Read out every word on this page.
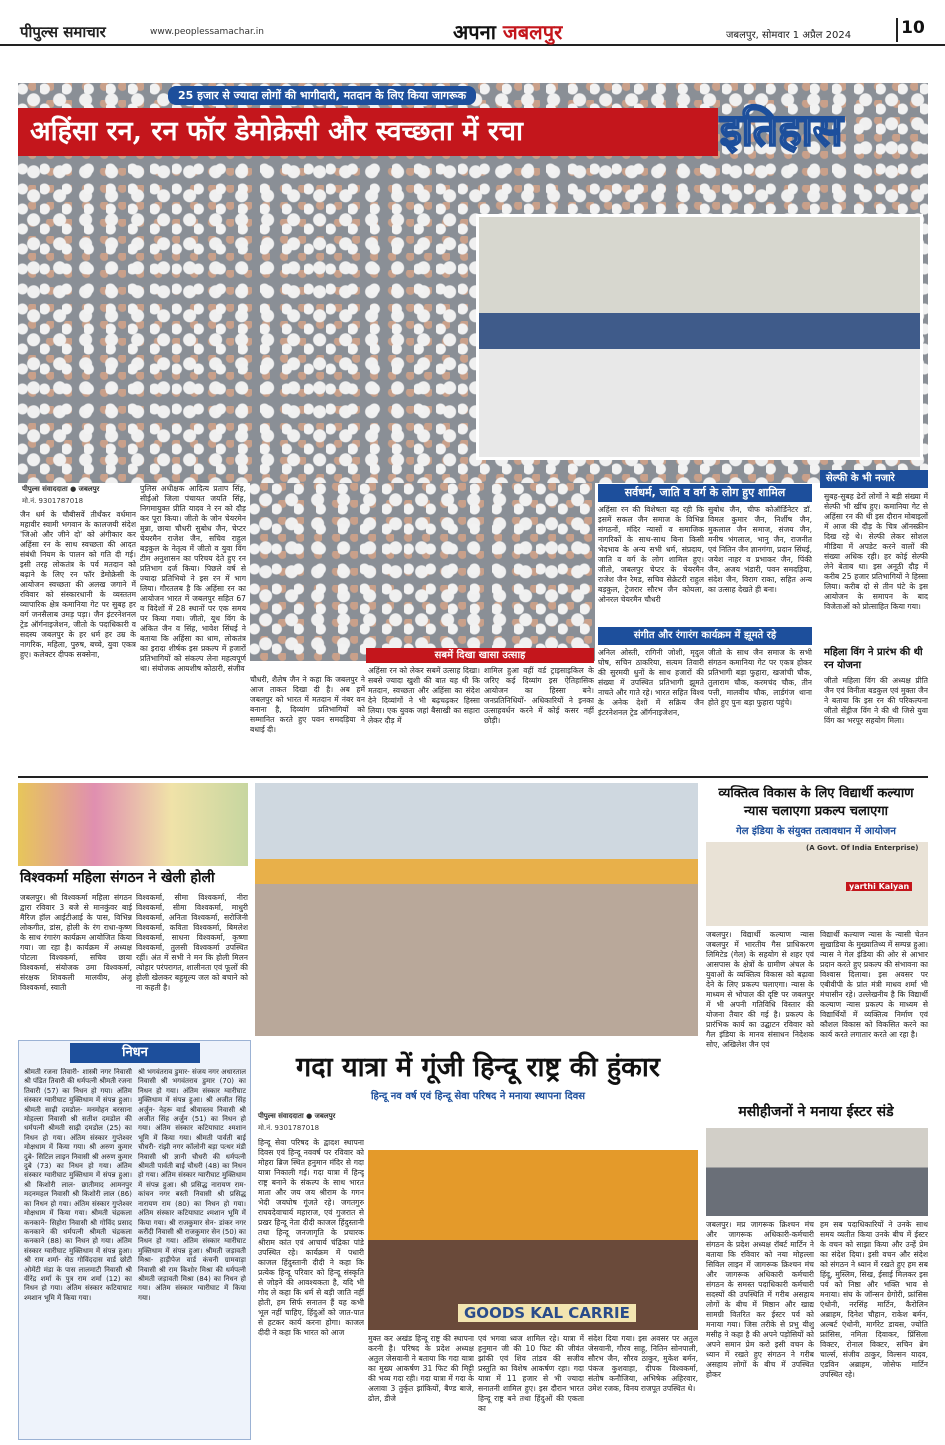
पीपुल्स समाचार	www.peoplessamachar.in	अपना जबलपुर	जबलपुर, सोमवार 1 अप्रैल 2024	10
25 हजार से ज्यादा लोगों की भागीदारी, मतदान के लिए किया जागरूक
अहिंसा रन, रन फॉर डेमोक्रेसी और स्वच्छता में रचा	इतिहास
पीपुल्स संवाददाता ● जबलपुर
मो.नं. 9301787018
जैन धर्म के चौबीसवें तीर्थंकर वर्धमान महावीर स्वामी भगवान के कालजयी संदेश 'जिओ और जीने दो' को अंगीकार कर अहिंसा रन के साथ स्वच्छता की आदत संबंधी नियम के पालन को गति दी गई। इसी तरह लोकतंत्र के पर्व मतदान को बढ़ाने के लिए रन फॉर डेमोक्रेसी के आयोजन स्वच्छता की अलख जगाने में रविवार को संस्कारधानी के व्यस्ततम व्यापारिक क्षेत्र कमानिया गेट पर सुबह हर वर्ग जनसैलाब उमड़ पड़ा। जैन इंटरनेशनल ट्रेड ऑर्गनाइजेशन, जीतो के पदाधिकारी व सदस्य जबलपुर के हर धर्म हर उम्र के नागरिक, महिला, पुरुष, बच्चे, युवा एकत्र हुए। कलेक्टर दीपक सक्सेना,
पुलिस अधीक्षक आदित्य प्रताप सिंह, सीईओ जिला पंचायत जयति सिंह, निगमायुक्त प्रीति यादव ने रन को दौड़ कर पूरा किया। जीतो के जोन चेयरमेन मुन्ना, छाया चौधरी सुबोध जैन, चेप्टर चेयरमैन राजेश जैन, सचिव राहुल बड़कुल के नेतृत्व में जीतो व युवा विंग टीम अनुशासन का परिचय देते हुए रन प्रतिभाग दर्ज किया। पिछले वर्ष से ज्यादा प्रतिभियो ने इस रन में भाग लिया। गौरतलब है कि अहिंसा रन का आयोजन भारत में जबलपुर सहित 67 व विदेशों में 28 स्थानों पर एक समय पर किया गया। जीतो, यूथ विंग के अंकित जैन व सिंह, भावेश सिंघई ने बताया कि अहिंसा का धाम, लोकतंत्र का इरादा शीर्षक इस प्रकल्प में हजारों प्रतिभागियों को संकल्प लेना महत्वपूर्ण था। संयोजक आयशीष कोठारी, संजीव
चौधरी, शैलेष जैन ने कहा कि जबलपुर ने आज ताकत दिखा दी है। अब हमें जबलपुर को भारत में मतदान में नंबर वन बनाना है, दिव्यांग प्रतिभागियों को सम्मानित करते हुए पवन समदड़िया ने बधाई दी।
सबमें दिखा खासा उत्साह
अहिंसा रन को लेकर सबमें उत्साह दिखा। सबसे ज्यादा खुशी की बात यह थी कि मतदान, स्वच्छता और अहिंसा का संदेश देने दिव्यांगों ने भी बढ़चढ़कर हिस्सा लिया। एक युवक जहां बैसाखी का सहारा लेकर दौड़ में
शामिल हुआ वहीं वर्ड ट्राइसाइकिल के जरिए कई दिव्यांग इस ऐतिहासिक आयोजन का हिस्सा बने। जनप्रतिनिधियों- अधिकारियों ने इनका उत्साहवर्धन करने में कोई कसर नहीं छोड़ी।
सर्वधर्म, जाति व वर्ग के लोग हुए शामिल
अहिंसा रन की विशेषता यह रही कि इसमें सकल जैन समाज के विभिन्न संगठनों, मंदिर न्यासों व समाजिक नागरिकों के साथ-साथ बिना किसी भेदभाव के अन्य सभी धर्म, संप्रदाय, जाति व वर्ग के लोग शामिल हुए। जीतो, जबलपुर चेप्टर के चेयरमैन राजेश जैन रेमड, सचिव सेक्रेटरी राहुल बड़कुल, ट्रेजरार सौरभ जैन कोयला, ओनरल चेयरमैन चौधरी
सुबोध जैन, चीफ कोऑर्डिनेटर डॉ. विमल कुमार जैन, निर्शीष जैन, मुकलाल जैन समाज, संजय जैन, मनीष भंगलाल, भानु जैन, राजनीत एवं नितिन जैन ज्ञानगंगा, प्रदान सिंघई, जयेश नाहर व प्रभाकर जैन, पिंकी जैन, अजय भंडारी, पवन समदड़िया, संदेश जैन, विराग राका, सहित अन्य का उत्साह देखते ही बना।
संगीत और रंगारंग कार्यक्रम में झूमते रहे
अनिल ओस्ती, रागिनी जोशी, मृदुल घोष, सचिन ठाकरिया, सत्यम तिवारी की सुरमयी धुनों के साथ हजारों की संख्या में उपस्थित प्रतिभागी झूमते नाचते और गाते रहे। भारत सहित विश्व के अनेक देशों में सक्रिय जैन इंटरनेशनल ट्रेड ऑर्गनाइजेशन,
जीतो के साथ जैन समाज के सभी संगठन कमानिया गेट पर एकत्र होकर प्रतिभागी बड़ा फुहारा, खजांची चौक, तुलाराम चौक, करमचंद चौक, तीन पत्ती, मालवीय चौक, लार्डगंज थाना होते हुए पुनः बड़ा फुहारा पहुंचे।
सेल्फी के भी नजारे
सुबह-सुबह ढेरों लोगों ने बड़ी संख्या में सेल्फी भी खींच हुए। कमानिया गेट से अहिंसा रन की थी इस दौरान मोबाइलों में आज की दौड़ के चित्र ऑनस्क्रीन दिख रहे थे। सेल्फी लेकर सोशल मीडिया में अपडेट करने वालों की संख्या अधिक रही। हर कोई सेल्फी लेने बेताब था। इस अनूठी दौड़ में करीब 25 हजार प्रतिभागियों ने हिस्सा लिया। करीब दो से तीन घंटे के इस आयोजन के समापन के बाद विजेताओं को प्रोत्साहित किया गया।
महिला विंग ने प्रारंभ की थी रन योजना
जीतो महिला विंग की अध्यक्ष प्रीति जैन एवं विनीता बडकुल एवं मुक्ता जैन ने बताया कि इस रन की परिकल्पना जीतो सेंड्रीज विंग ने की थी जिसे युवा विंग का भरपूर सहयोग मिला।
विश्वकर्मा महिला संगठन ने खेली होली
जबलपुर। श्री विश्वकर्मा महिला संगठन द्वारा रविवार 3 बजे से मानकुंवर बाई मैरिज हॉल आईटीआई के पास, विभिन्न लोकगीत, डांस, होली के रंग राधा-कृष्ण के साथ रंगारंग कार्यक्रम आयोजित किया गया। जा रहा है। कार्यक्रम में अध्यक्ष पोटला विश्वकर्मा, सचिव छाया विश्वकर्मा, संयोजक उमा विश्वकर्मा, संरक्षक शिवकली मालवीय, अंजू विश्वकर्मा, स्वाती
विश्वकर्मा, सीमा विश्वकर्मा, नीरा विश्वकर्मा, सीमा विश्वकर्मा, माधुरी विश्वकर्मा, अनिता विश्वकर्मा, सरोजिनी विश्वकर्मा, कविता विश्वकर्मा, बिमलेश विश्वकर्मा, साधना विश्वकर्मा, कृष्णा विश्वकर्मा, तुलसी विश्वकर्मा उपस्थित रहीं। अंत में सभी ने मन कि होली मिलन त्योहार परंपरागत, शालीनता एवं फूलों की होली खेलकर बहुमूल्य जल को बचाने को ना कहती है।
निधन
श्रीमती रजना तिवारी- शास्त्री नगर निवासी श्री पंडित तिवारी की धर्मपत्नी श्रीमती रजना तिवारी (57) का निधन हो गया। अंतिम संस्कार ग्वारीघाट मुक्तिधाम में संपन्न हुआ। श्रीमती साढ़ी दमडोल- मनमोहन बरसाना मोहल्ला निवासी श्री सतीश दमडोल की धर्मपत्नी श्रीमती साढ़ी दमडोल (25) का निधन हो गया। अंतिम संस्कार गुप्तेश्वर मोक्षधाम में किया गया। श्री अरुण कुमार दुबे- सिटिल लाइन निवासी श्री अरुण कुमार दुबे (73) का निधन हो गया। अंतिम संस्कार ग्वारीघाट मुक्तिधाम में संपन्न हुआ। श्री किशोरी लाल- छातीमाद आमनपुर मदनमहल निवासी श्री किशोरी लाल (86) का निधन हो गया। अंतिम संस्कार गुप्तेश्वर मोक्षधाम में किया गया। श्रीमती चंद्रकला कनकाने- सिहोरा निवासी श्री गोविंद प्रसाद कनकाने की धर्मपत्नी श्रीमती चंद्रकला कनकाने (88) का निधन हो गया। अंतिम संस्कार ग्वारीघाट मुक्तिधाम में संपन्न हुआ। श्री राम शर्मा- सेठ गोविंददास वार्ड छोटी ओमेंटी मंडा के पास लालमाटी निवासी श्री वीरेंद्र शर्मा के पुत्र राम शर्मा (12) का निधन हो गया। अंतिम संस्कार कटियाघाट श्मशान भूमि में किया गया।
श्री भगवंतराव डुमार- संजय नगर अधारताल निवासी श्री भगवंतराव डुमार (70) का निधन हो गया। अंतिम संस्कार ग्वारीघाट मुक्तिधाम में संपन्न हुआ। श्री अजीत सिंह अर्जुन- नेहरू वार्ड श्रीवास्तव निवासी श्री अजीत सिंह अर्जुन (51) का निधन हो गया। अंतिम संस्कार कटियाघाट श्मशान भूमि में किया गया। श्रीमती पार्वती बाई चौधरी- रांझी नगर कॉलोनी बड़ा पत्थर मंडी निवासी श्री ज्ञानी चौधरी की धर्मपत्नी श्रीमती पार्वती बाई चौधरी (48) का निधन हो गया। अंतिम संस्कार ग्वारीघाट मुक्तिधाम में संपन्न हुआ। श्री प्रसिद्ध नारायण राम- कांचन नगर बस्ती निवासी श्री प्रसिद्ध नारायण राम (80) का निधन हो गया। अंतिम संस्कार कटियाघाट श्मशान भूमि में किया गया। श्री राजकुमार सेन- डांकर नगर करौंदी निवासी श्री राजकुमार सेन (50) का निधन हो गया। अंतिम संस्कार ग्वारीघाट मुक्तिधाम में संपन्न हुआ। श्रीमती जड़ावती मिश्रा- हाड़ीपेज वार्ड कंचनी ग्रामवाड़ा निवासी श्री राम किशोर मिश्रा की धर्मपत्नी श्रीमती जड़ावती मिश्रा (84) का निधन हो गया। अंतिम संस्कार ग्वारीघाट में किया गया।
गदा यात्रा में गूंजी हिन्दू राष्ट्र की हुंकार
हिन्दू नव वर्ष एवं हिन्दू सेवा परिषद ने मनाया स्थापना दिवस
पीपुल्स संवाददाता ● जबलपुर
मो.नं. 9301787018
हिन्दू सेवा परिषद के द्वादश स्थापना दिवस एवं हिन्दू नववर्ष पर रविवार को मोहरा ब्रिज स्थित हनुमान मंदिर से गदा यात्रा निकाली गई। गदा यात्रा में हिन्दू राष्ट्र बनाने के संकल्प के साथ भारत माता और जय जय श्रीराम के गगन भेदी जयघोष गूंजते रहे। जगतगुरु राघवदेवाचार्य महाराज, एवं गुजरात से प्रखर हिन्दू नेता दीदी काजल हिंदुस्तानी तथा हिन्दू जनजागृति के प्रचारक श्रीराम कांत एवं आचार्य चंद्रिका पांडे उपस्थित रहे। कार्यक्रम में पधारी काजल हिंदुस्तानी दीदी ने कहा कि प्रत्येक हिन्दू परिवार को हिन्दू संस्कृति से जोड़ने की आवश्यकता है, यदि भी गोद ले कहा कि धर्म से बड़ी जाति नहीं होती, हम सिर्फ सनातन हैं यह कभी भूल नहीं चाहिए, हिंदुओं को जात-पात से हटकर कार्य करना होगा। काजल दीदी ने कहा कि भारत को आज
GOODS KAL CARRIE
मुक्त कर अखंड हिन्दू राष्ट्र की स्थापना करनी है। परिषद के प्रदेश अध्यक्ष अतुल जेसवानी ने बताया कि गदा यात्रा का मुख्य आकर्षण 31 फिट की मिट्टी की भव्य गदा रही। गदा यात्रा में गदा के अलावा 3 तुर्कृत झांकियों, बैण्ड बाजे, ढोल, डीजे
एवं भगवा ध्वज शामिल रहे। यात्रा में हनुमान जी की 10 फिट की जीवंत झांकी एवं शिव तांडव की सजीव प्रस्तुति का विशेष आकर्षण रहा। गदा यात्रा में 11 हजार से भी ज्यादा सनातनी शामिल हुए। इस दौरान भारत हिन्दू राष्ट्र बने तथा हिंदुओं की एकता का
संदेश दिया गया। इस अवसर पर अतुल जेसवानी, गौरव साहू, नितिन सोनपाली, सौरभ जैन, सौरव ठाकुर, मुकेश बर्मन, पंकज कुशवाहा, दीपक विश्वकर्मा, संतोष कनौजिया, अभिषेक अहिरवार, उमेश रजक, विनय राजपूत उपस्थित थे।
व्यक्तित्व विकास के लिए विद्यार्थी कल्याण
न्यास चलाएगा प्रकल्प चलाएगा
गेल इंडिया के संयुक्त तत्वावधान में आयोजन
(A Govt. Of India Enterprise)
yarthi Kalyan
जबलपुर। विद्यार्थी कल्याण न्यास जबलपुर में भारतीय गैस प्राधिकरण लिमिटेड (गेल) के सहयोग से शहर एवं आसपास के क्षेत्रों के ग्रामीण अंचल के युवाओं के व्यक्तित्व विकास को बढ़ावा देने के लिए प्रकल्प चलाएगा। न्यास के माध्यम से भोपाल की दृष्टि पर जबलपुर में भी अपनी गतिविधि विस्तार की योजना तैयार की गई है। प्रकल्प के प्रारंभिक कार्य का उद्घाटन रविवार को गैल इंडिया के मानव संसाधन निदेशक सोए, अखिलेश जैन एवं
विद्यार्थी कल्याण न्यास के न्यासी चेतन सुखाडिया के मुख्यातिथ्य में सम्पन्न हुआ। न्यास ने गेल इंडिया की ओर से आभार प्रदान करते हुए प्रकल्प की संभावना का विश्वास दिलाया। इस अवसर पर एबीवीपी के प्रांत मंत्री माधव शर्मा भी मंचासीन रहे। उल्लेखनीय है कि विद्यार्थी कल्याण न्यास प्रकल्प के माध्यम से विद्यार्थियों में व्यक्तित्व निर्माण एवं कौशल विकास को विकसित करने का कार्य करते लगातार करते आ रहा है।
मसीहीजनों ने मनाया ईस्टर संडे
जबलपुर। मप्र जागरूक क्रिश्चन मंच और जागरूक अधिकारी-कर्मचारी संगठन के प्रदेश अध्यक्ष रॉबर्ट मार्टिन ने बताया कि रविवार को नया मोहल्ला सिविल लाइन में जागरूक क्रिश्चन मंच और जागरूक अधिकारी कर्मचारी संगठन के समस्त पदाधिकारी कर्मचारी सदस्यों की उपस्थिति में गरीब असहाय लोगों के बीच में मिष्ठान और खाद्य सामग्री वितरित कर ईस्टर पर्व को मनाया गया। जिस तरीके से प्रभु यीशु मसीह ने कहा है की अपने पड़ोसियों को अपने समान प्रेम करो इसी वचन के ध्यान में रखते हुए संगठन ने गरीब असहाय लोगों के बीच में उपस्थित होकर
हम सब पदाधिकारियों ने उनके साथ समय व्यतीत किया उनके बीच में ईस्टर के वचन को साझा किया और उन्हें प्रेम का संदेश दिया। इसी वचन और संदेश को संगठन ने ध्यान में रखते हुए हम सब हिंदू, मुस्लिम, सिख, ईसाई मिलकर इस पर्व को निष्ठा और भक्ति भाव से मनाया। संघ के जॉन्सन ग्रेगोरी, फ्रांसिस एंथोनी, नरसिंह मार्टिन, कैरोलिन अब्राहम, दिनेश चौहान, राकेश बर्मन, अल्बर्ट एंथोनी, मार्गरेट डायस, ज्योति फ्रांसिस, नमिता दिवाकर, प्रिंसिला विक्टर, रोनाल विक्टर, सचिन ब्रेग चार्ल्स, संजीव ठाकुर, विल्सन यादव, एडविन अब्राहम, जोसेफ मार्टिन उपस्थित रहे।
